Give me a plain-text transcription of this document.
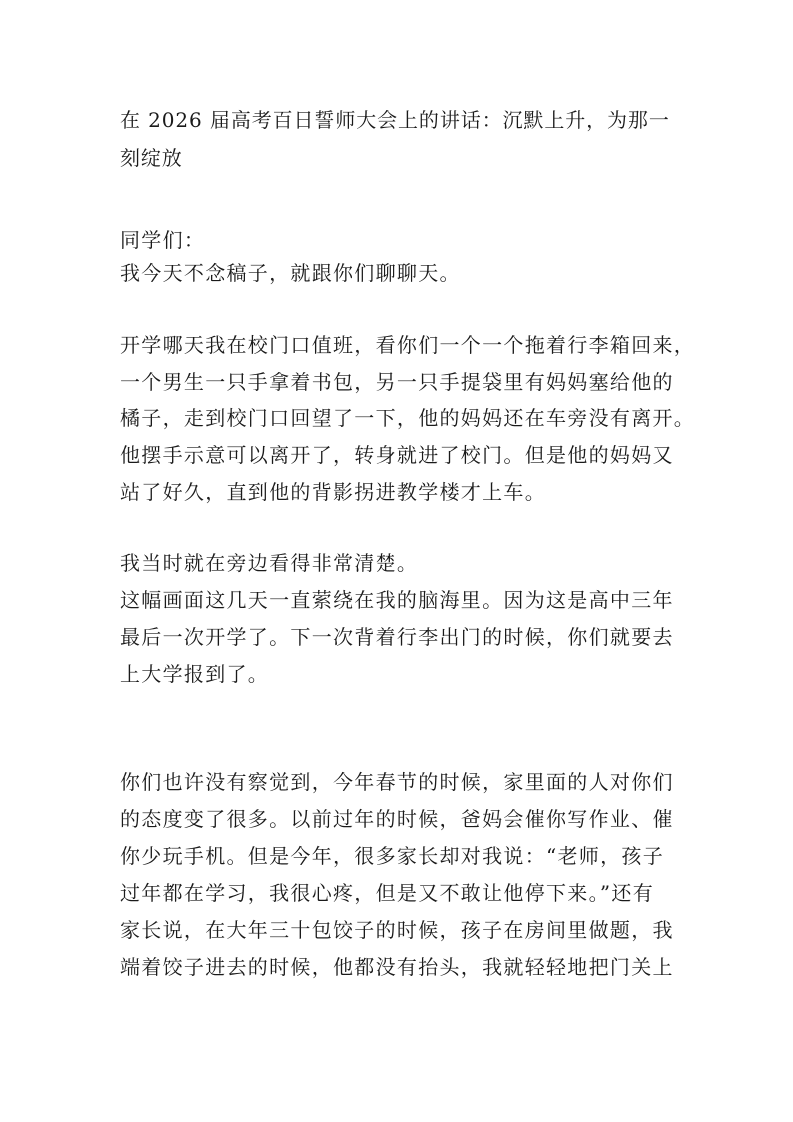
在 2026 届高考百日誓师大会上的讲话：沉默上升，为那一
刻绽放
同学们：
我今天不念稿子，就跟你们聊聊天。
开学哪天我在校门口值班，看你们一个一个拖着行李箱回来，
一个男生一只手拿着书包，另一只手提袋里有妈妈塞给他的
橘子，走到校门口回望了一下，他的妈妈还在车旁没有离开。
他摆手示意可以离开了，转身就进了校门。但是他的妈妈又
站了好久，直到他的背影拐进教学楼才上车。
我当时就在旁边看得非常清楚。
这幅画面这几天一直萦绕在我的脑海里。因为这是高中三年
最后一次开学了。下一次背着行李出门的时候，你们就要去
上大学报到了。
你们也许没有察觉到，今年春节的时候，家里面的人对你们
的态度变了很多。以前过年的时候，爸妈会催你写作业、催
你少玩手机。但是今年，很多家长却对我说：“老师，孩子
过年都在学习，我很心疼，但是又不敢让他停下来。”还有
家长说，在大年三十包饺子的时候，孩子在房间里做题，我
端着饺子进去的时候，他都没有抬头，我就轻轻地把门关上
